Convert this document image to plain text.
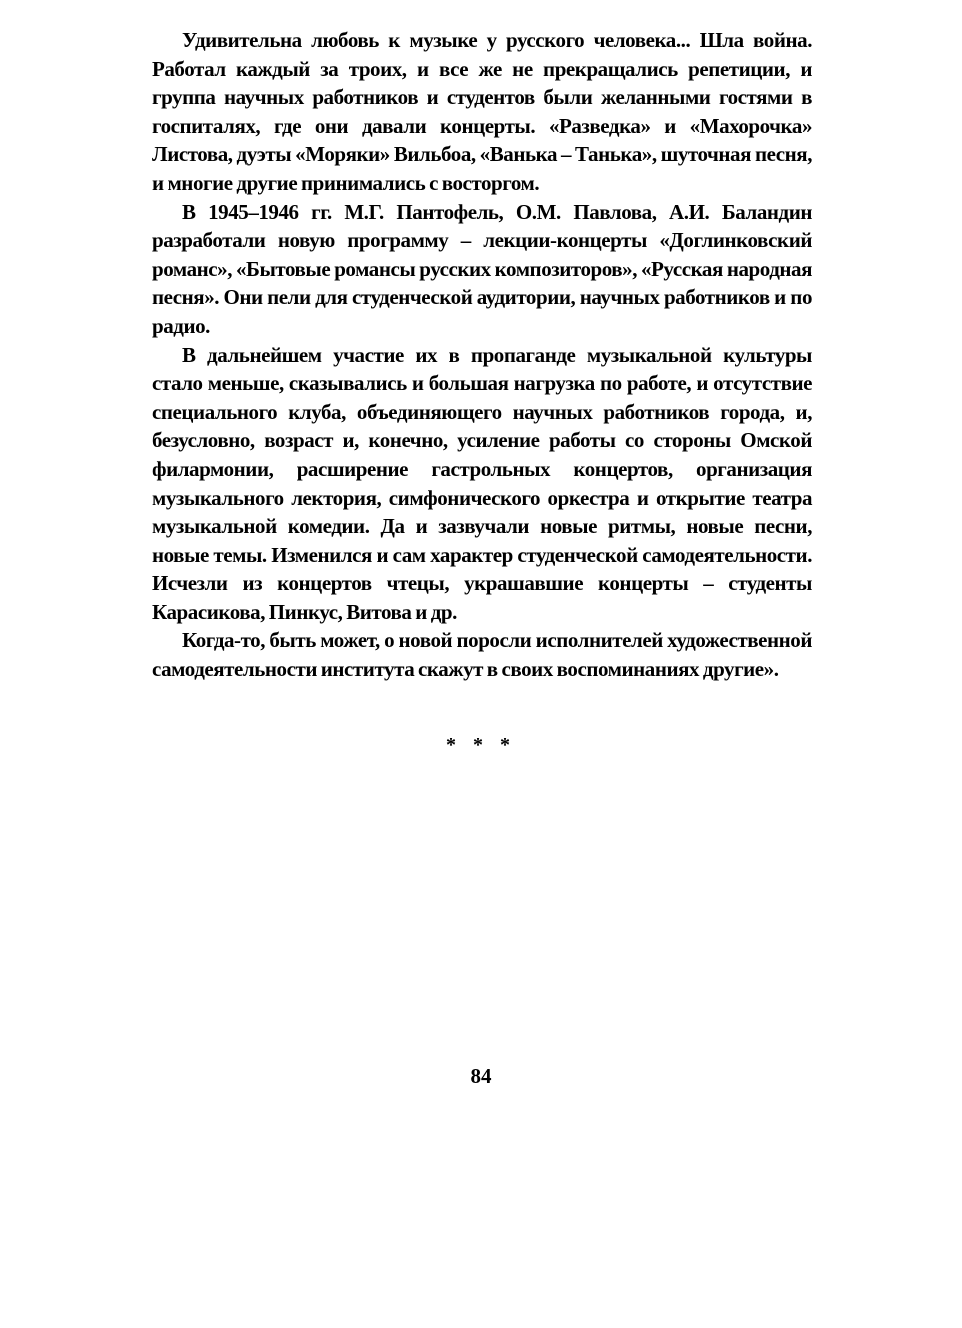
Удивительна любовь к музыке у русского человека... Шла война. Работал каждый за троих, и все же не прекращались репетиции, и группа научных работников и студентов были желанными гостями в госпиталях, где они давали концерты. «Разведка» и «Махорочка» Листова, дуэты «Моряки» Вильбоа, «Ванька – Танька», шуточная песня, и многие другие принимались с восторгом.

В 1945–1946 гг. М.Г. Пантофель, О.М. Павлова, А.И. Баландин разработали новую программу – лекции-концерты «Доглинковский романс», «Бытовые романсы русских композиторов», «Русская народная песня». Они пели для студенческой аудитории, научных работников и по радио.

В дальнейшем участие их в пропаганде музыкальной культуры стало меньше, сказывались и большая нагрузка по работе, и отсутствие специального клуба, объединяющего научных работников города, и, безусловно, возраст и, конечно, усиление работы со стороны Омской филармонии, расширение гастрольных концертов, организация музыкального лектория, симфонического оркестра и открытие театра музыкальной комедии. Да и зазвучали новые ритмы, новые песни, новые темы. Изменился и сам характер студенческой самодеятельности. Исчезли из концертов чтецы, украшавшие концерты – студенты Карасикова, Пинкус, Витова и др.

Когда-то, быть может, о новой поросли исполнителей художественной самодеятельности института скажут в своих воспоминаниях другие».

* * *
84
